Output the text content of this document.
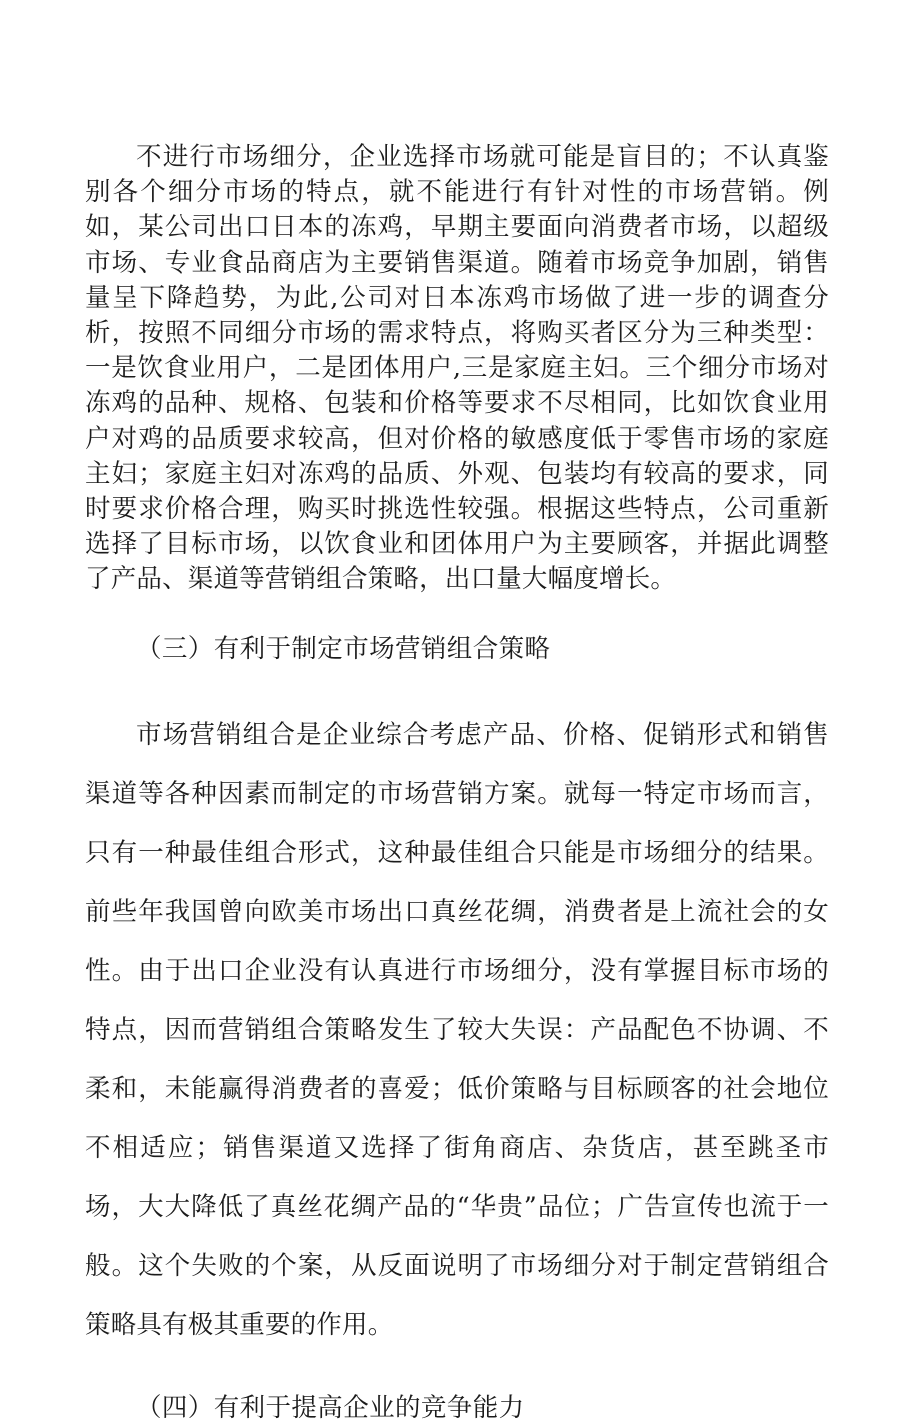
不进行市场细分，企业选择市场就可能是盲目的；不认真鉴别各个细分市场的特点，就不能进行有针对性的市场营销。例如，某公司出口日本的冻鸡，早期主要面向消费者市场，以超级市场、专业食品商店为主要销售渠道。随着市场竞争加剧，销售量呈下降趋势，为此,公司对日本冻鸡市场做了进一步的调查分析，按照不同细分市场的需求特点，将购买者区分为三种类型：一是饮食业用户，二是团体用户,三是家庭主妇。三个细分市场对冻鸡的品种、规格、包装和价格等要求不尽相同，比如饮食业用户对鸡的品质要求较高，但对价格的敏感度低于零售市场的家庭主妇；家庭主妇对冻鸡的品质、外观、包装均有较高的要求，同时要求价格合理，购买时挑选性较强。根据这些特点，公司重新选择了目标市场，以饮食业和团体用户为主要顾客，并据此调整了产品、渠道等营销组合策略，出口量大幅度增长。

（三）有利于制定市场营销组合策略

市场营销组合是企业综合考虑产品、价格、促销形式和销售渠道等各种因素而制定的市场营销方案。就每一特定市场而言，只有一种最佳组合形式，这种最佳组合只能是市场细分的结果。前些年我国曾向欧美市场出口真丝花绸，消费者是上流社会的女性。由于出口企业没有认真进行市场细分，没有掌握目标市场的特点，因而营销组合策略发生了较大失误：产品配色不协调、不柔和，未能赢得消费者的喜爱；低价策略与目标顾客的社会地位不相适应；销售渠道又选择了街角商店、杂货店，甚至跳圣市场，大大降低了真丝花绸产品的“华贵”品位；广告宣传也流于一般。这个失败的个案，从反面说明了市场细分对于制定营销组合策略具有极其重要的作用。

（四）有利于提高企业的竞争能力
